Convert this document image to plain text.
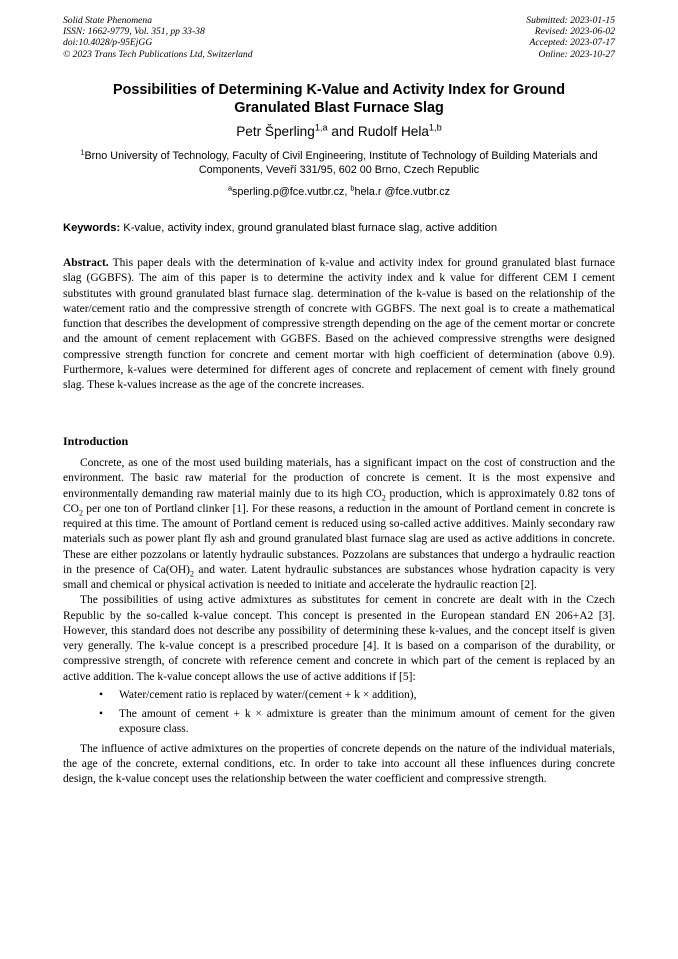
Solid State Phenomena
ISSN: 1662-9779, Vol. 351, pp 33-38
doi:10.4028/p-95EjGG
© 2023 Trans Tech Publications Ltd, Switzerland
Submitted: 2023-01-15
Revised: 2023-06-02
Accepted: 2023-07-17
Online: 2023-10-27
Possibilities of Determining K-Value and Activity Index for Ground
Granulated Blast Furnace Slag
Petr Šperling$^{1,a}$ and Rudolf Hela$^{1,b}$
$^1$Brno University of Technology, Faculty of Civil Engineering, Institute of Technology of Building Materials and Components, Veveří 331/95, 602 00 Brno, Czech Republic
$^a$sperling.p@fce.vutbr.cz, $^b$hela.r @fce.vutbr.cz
Keywords: K-value, activity index, ground granulated blast furnace slag, active addition
Abstract. This paper deals with the determination of k-value and activity index for ground granulated blast furnace slag (GGBFS). The aim of this paper is to determine the activity index and k value for different CEM I cement substitutes with ground granulated blast furnace slag. determination of the k-value is based on the relationship of the water/cement ratio and the compressive strength of concrete with GGBFS. The next goal is to create a mathematical function that describes the development of compressive strength depending on the age of the cement mortar or concrete and the amount of cement replacement with GGBFS. Based on the achieved compressive strengths were designed compressive strength function for concrete and cement mortar with high coefficient of determination (above 0.9). Furthermore, k-values were determined for different ages of concrete and replacement of cement with finely ground slag. These k-values increase as the age of the concrete increases.
Introduction

Concrete, as one of the most used building materials, has a significant impact on the cost of construction and the environment. The basic raw material for the production of concrete is cement. It is the most expensive and environmentally demanding raw material mainly due to its high $CO_2$ production, which is approximately 0.82 tons of $CO_2$ per one ton of Portland clinker [1]. For these reasons, a reduction in the amount of Portland cement in concrete is required at this time. The amount of Portland cement is reduced using so-called active additives. Mainly secondary raw materials such as power plant fly ash and ground granulated blast furnace slag are used as active additions in concrete. These are either pozzolans or latently hydraulic substances. Pozzolans are substances that undergo a hydraulic reaction in the presence of $Ca(OH)_2$ and water. Latent hydraulic substances are substances whose hydration capacity is very small and chemical or physical activation is needed to initiate and accelerate the hydraulic reaction [2].

The possibilities of using active admixtures as substitutes for cement in concrete are dealt with in the Czech Republic by the so-called k-value concept. This concept is presented in the European standard EN 206+A2 [3]. However, this standard does not describe any possibility of determining these k-values, and the concept itself is given very generally. The k-value concept is a prescribed procedure [4]. It is based on a comparison of the durability, or compressive strength, of concrete with reference cement and concrete in which part of the cement is replaced by an active addition. The k-value concept allows the use of active additions if [5]:

• Water/cement ratio is replaced by water/(cement + k × addition),
• The amount of cement + k × admixture is greater than the minimum amount of cement for the given exposure class.

The influence of active admixtures on the properties of concrete depends on the nature of the individual materials, the age of the concrete, external conditions, etc. In order to take into account all these influences during concrete design, the k-value concept uses the relationship between the water coefficient and compressive strength.
